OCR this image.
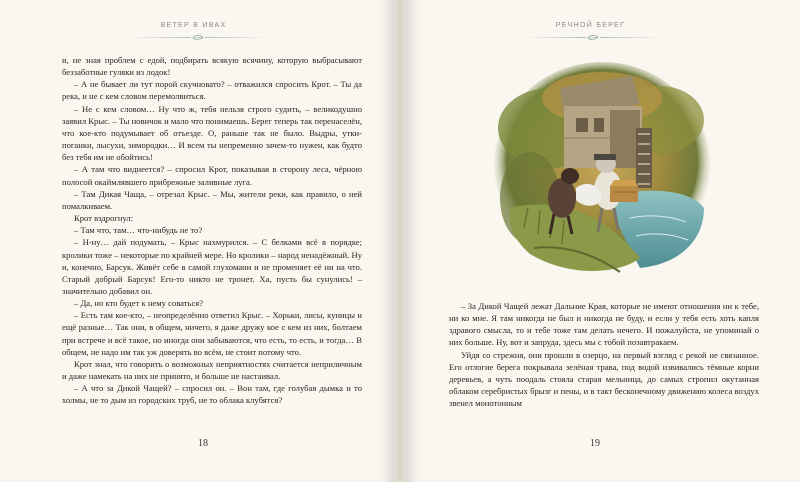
ВЕТЕР В ИВАХ

и, не зная проблем с едой, подбирать всякую всячину, которую выбрасывают беззаботные гуляки из лодок!

– А не бывает ли тут порой скучновато? – отважился спросить Крот. – Ты да река, и не с кем словом перемолвиться.

– Не с кем словом… Ну что ж, тебя нельзя строго судить, – великодушно заявил Крыс. – Ты новичок и мало что понимаешь. Берег теперь так перенаселён, что кое-кто подумывает об отъезде. О, раньше так не было. Выдры, утки-поганки, лысухи, зимородки… И всем ты непременно зачем-то нужен, как будто без тебя им не обойтись!

– А там что виднеется? – спросил Крот, показывая в сторону леса, чёрною полосой окаймлявшего прибрежные заливные луга.

– Там Дикая Чаща, – отрезал Крыс. – Мы, жители реки, как правило, о ней помалкиваем.

Крот вздрогнул:

– Там что, там… что-нибудь не то?

– Н-ну… дай подумать, – Крыс нахмурился. – С белками всё в порядке; кролики тоже – некоторые по крайней мере. Но кролики – народ ненадёжный. Ну и, конечно, Барсук. Живёт себе в самой глухомани и не променяет её ни на что. Старый добрый Барсук! Его-то никто не тронет. Ха, пусть бы сунулись! – значительно добавил он.

– Да, но кто будет к нему соваться?

– Есть там кое-кто, – неопределённо ответил Крыс. – Хорьки, лисы, куницы и ещё разные… Так они, в общем, ничего, я даже дружу кое с кем из них, болтаем при встрече и всё такое, но иногда они забываются, что есть, то есть, и тогда… В общем, не надо им так уж доверять во всём, не стоит потому что.

Крот знал, что говорить о возможных неприятностях считается неприличным и даже намекать на них не принято, и больше не настаивал.

– А что за Дикой Чащей? – спросил он. – Вон там, где голубая дымка и то холмы, не то дым из городских труб, не то облака клубятся?

18
РЕЧНОЙ БЕРЕГ

– За Дикой Чащей лежат Дальние Края, которые не имеют отношения ни к тебе, ни ко мне. Я там никогда не был и никогда не буду, и если у тебя есть хоть капля здравого смысла, то и тебе тоже там делать нечего. И пожалуйста, не упоминай о них больше. Ну, вот и запруда, здесь мы с тобой позавтракаем.

Уйдя со стрежня, они прошли в озерцо, на первый взгляд с рекой не связанное. Его отлогие берега покрывала зелёная трава, под водой извивались тёмные корни деревьев, а чуть поодаль стояла старая мельница, до самых стропил окутанная облаком серебристых брызг и пены, и в такт бесконечному движению колеса воздух звенел монотонным

19
